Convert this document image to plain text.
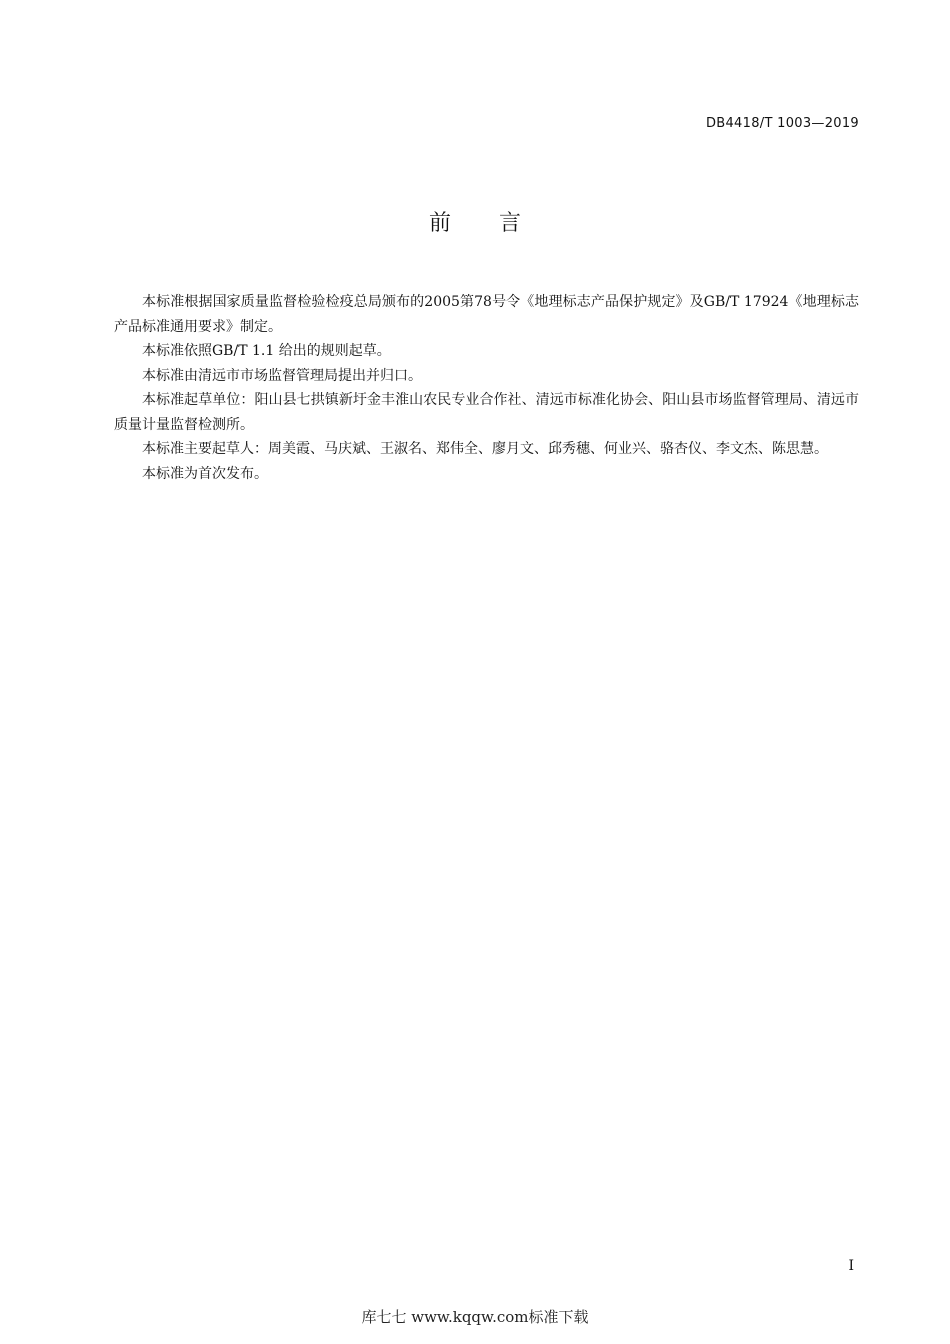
DB4418/T 1003—2019
前 言

本标准根据国家质量监督检验检疫总局颁布的2005第78号令《地理标志产品保护规定》及GB/T 17924《地理标志产品标准通用要求》制定。

本标准依照GB/T 1.1 给出的规则起草。

本标准由清远市市场监督管理局提出并归口。

本标准起草单位：阳山县七拱镇新圩金丰淮山农民专业合作社、清远市标准化协会、阳山县市场监督管理局、清远市质量计量监督检测所。

本标准主要起草人：周美霞、马庆斌、王淑名、郑伟全、廖月文、邱秀穗、何业兴、骆杏仪、李文杰、陈思慧。

本标准为首次发布。

I
库七七 www.kqqw.com标准下载
